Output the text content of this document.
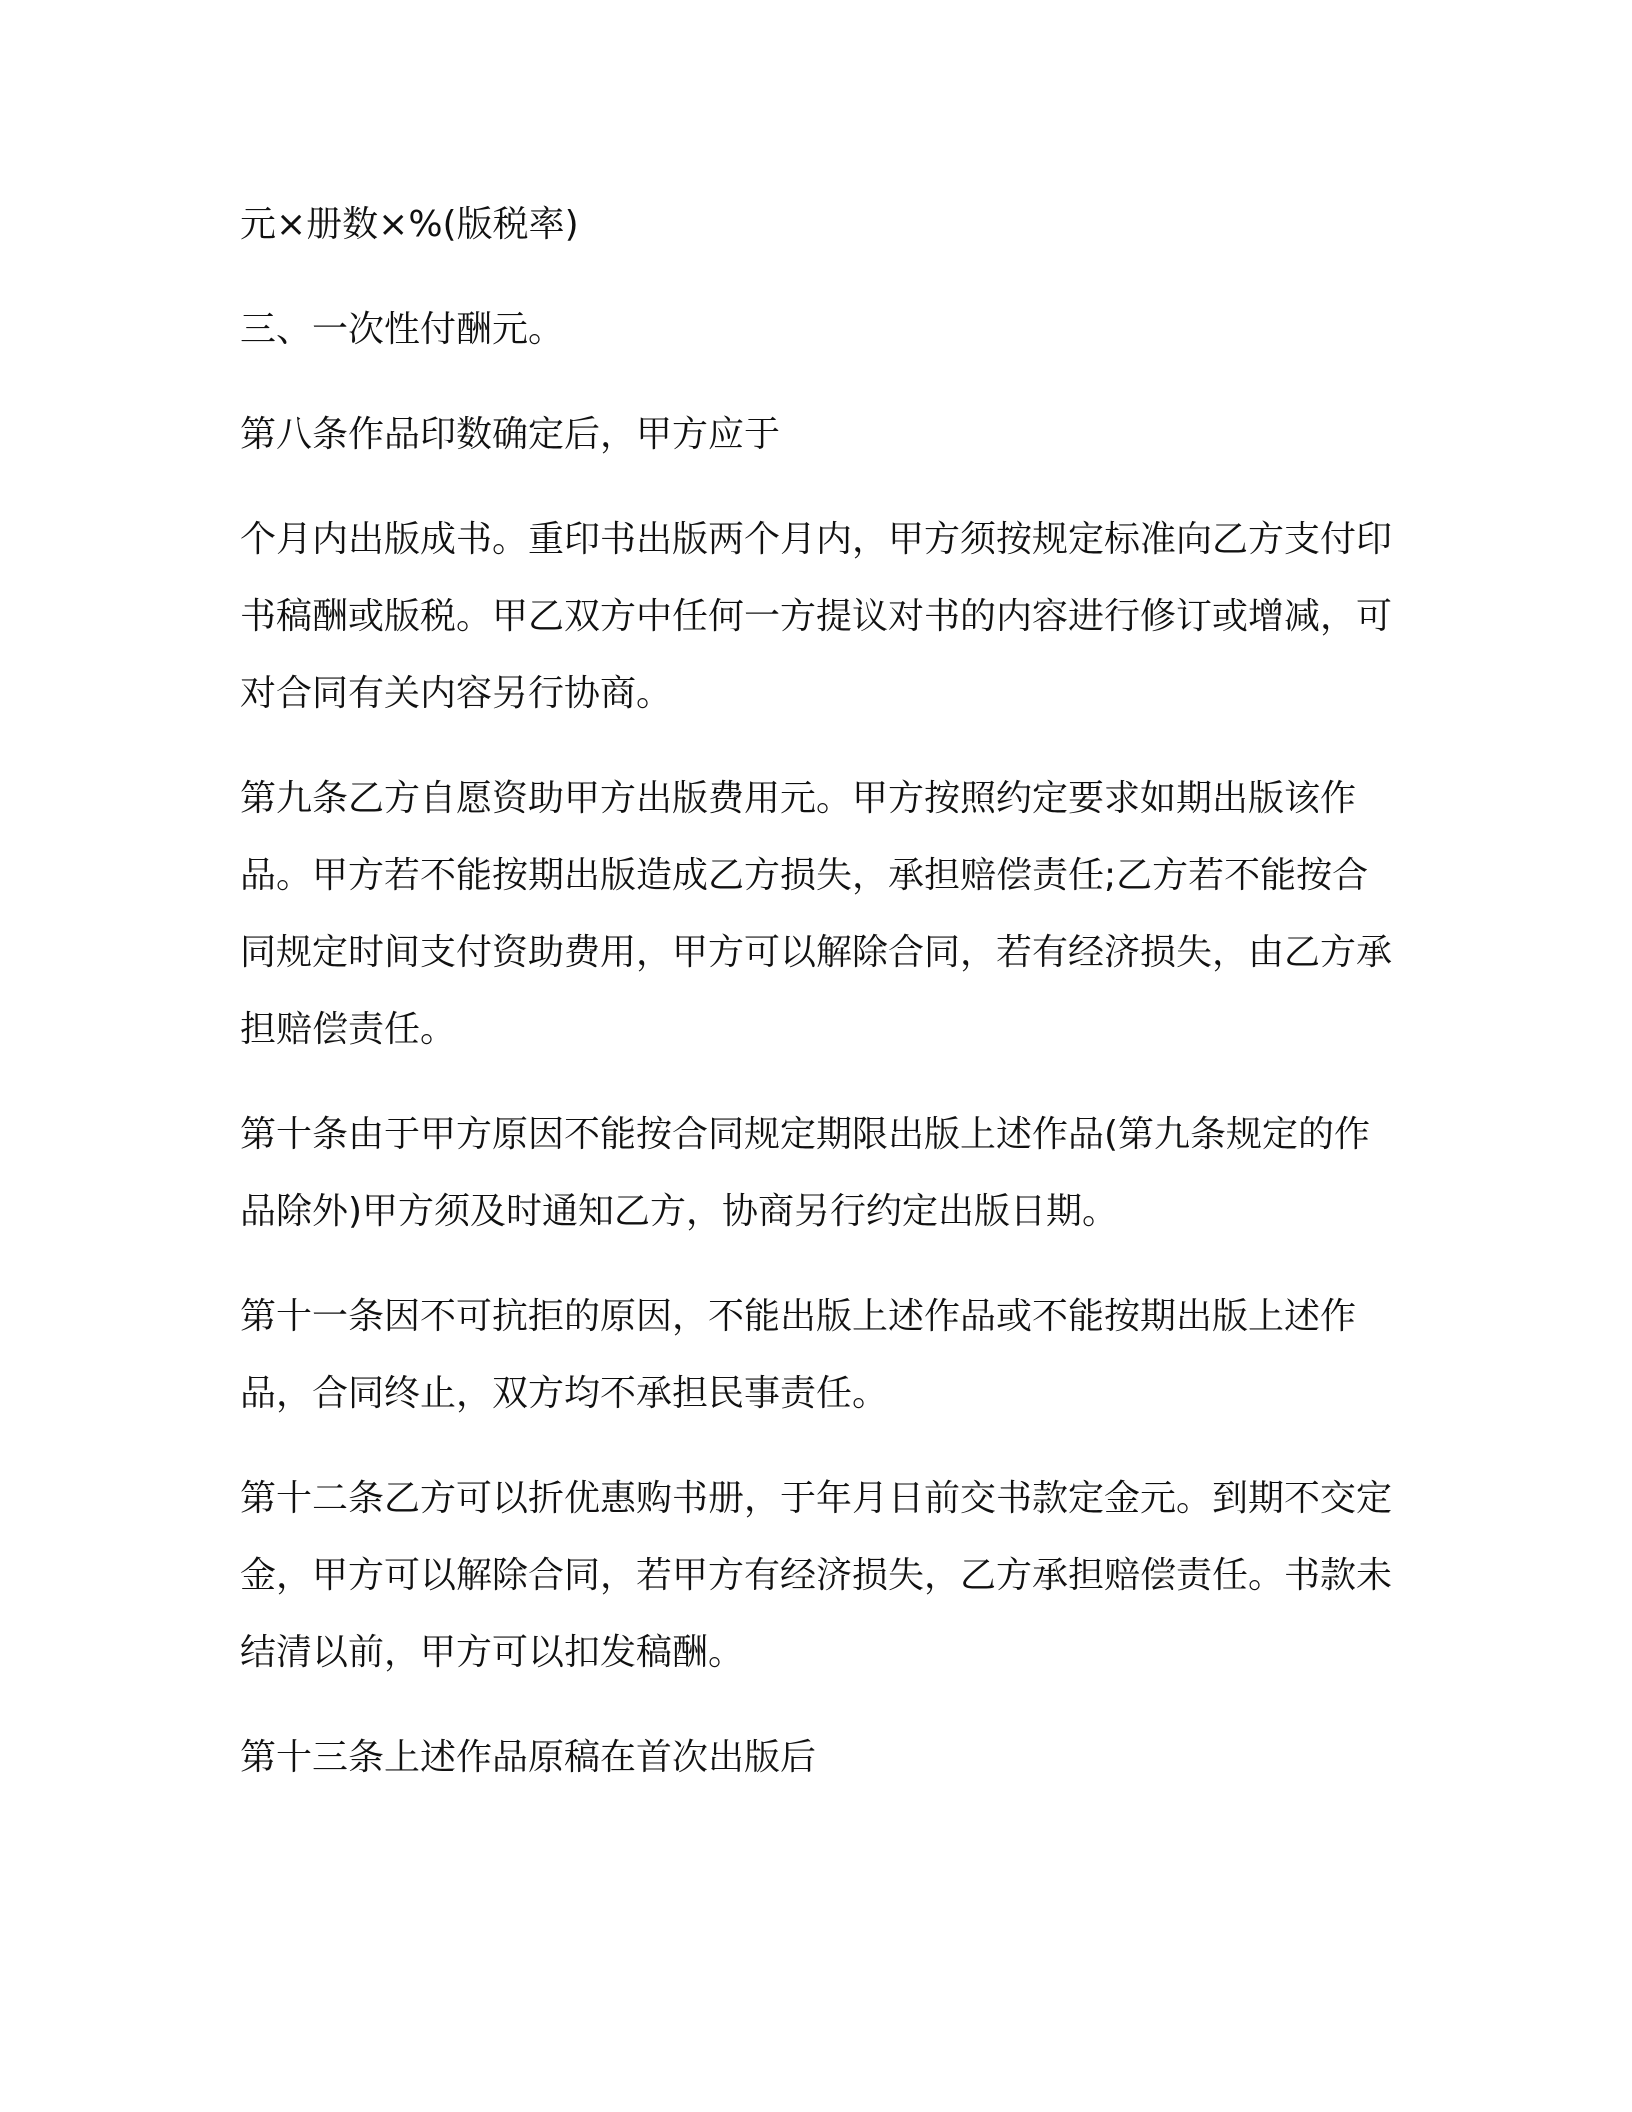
元×册数×%(版税率)

三、一次性付酬元。

第八条作品印数确定后，甲方应于

个月内出版成书。重印书出版两个月内，甲方须按规定标准向乙方支付印书稿酬或版税。甲乙双方中任何一方提议对书的内容进行修订或增减，可对合同有关内容另行协商。

第九条乙方自愿资助甲方出版费用元。甲方按照约定要求如期出版该作品。甲方若不能按期出版造成乙方损失，承担赔偿责任;乙方若不能按合同规定时间支付资助费用，甲方可以解除合同，若有经济损失，由乙方承担赔偿责任。

第十条由于甲方原因不能按合同规定期限出版上述作品(第九条规定的作品除外)甲方须及时通知乙方，协商另行约定出版日期。

第十一条因不可抗拒的原因，不能出版上述作品或不能按期出版上述作品，合同终止，双方均不承担民事责任。

第十二条乙方可以折优惠购书册，于年月日前交书款定金元。到期不交定金，甲方可以解除合同，若甲方有经济损失，乙方承担赔偿责任。书款未结清以前，甲方可以扣发稿酬。

第十三条上述作品原稿在首次出版后
